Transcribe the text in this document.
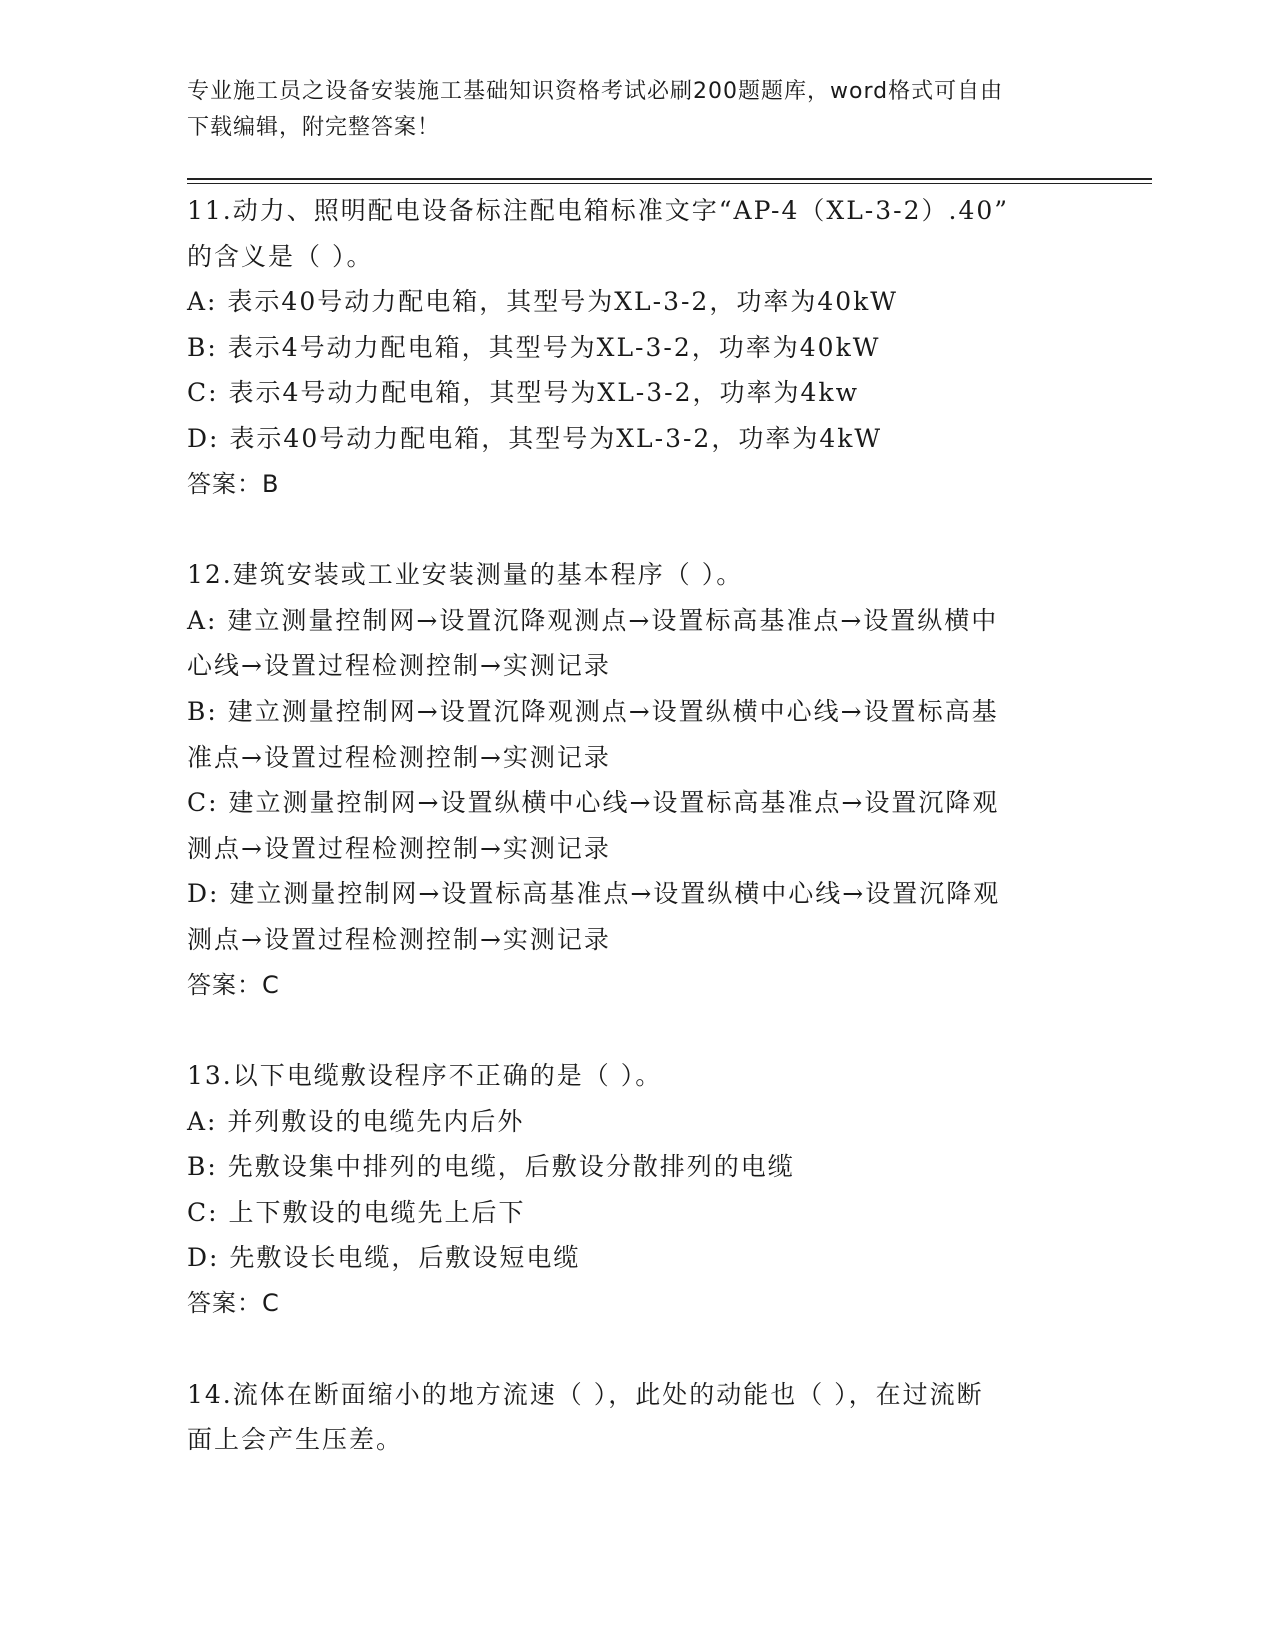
专业施工员之设备安装施工基础知识资格考试必刷200题题库，word格式可自由
下载编辑，附完整答案！
11.动力、照明配电设备标注配电箱标准文字“AP-4（XL-3-2）.40”
的含义是（ ）。
A: 表示40号动力配电箱，其型号为XL-3-2，功率为40kW
B: 表示4号动力配电箱，其型号为XL-3-2，功率为40kW
C: 表示4号动力配电箱，其型号为XL-3-2，功率为4kw
D: 表示40号动力配电箱，其型号为XL-3-2，功率为4kW
答案：B
12.建筑安装或工业安装测量的基本程序（ ）。
A: 建立测量控制网→设置沉降观测点→设置标高基准点→设置纵横中
心线→设置过程检测控制→实测记录
B: 建立测量控制网→设置沉降观测点→设置纵横中心线→设置标高基
准点→设置过程检测控制→实测记录
C: 建立测量控制网→设置纵横中心线→设置标高基准点→设置沉降观
测点→设置过程检测控制→实测记录
D: 建立测量控制网→设置标高基准点→设置纵横中心线→设置沉降观
测点→设置过程检测控制→实测记录
答案：C
13.以下电缆敷设程序不正确的是（ ）。
A: 并列敷设的电缆先内后外
B: 先敷设集中排列的电缆，后敷设分散排列的电缆
C: 上下敷设的电缆先上后下
D: 先敷设长电缆，后敷设短电缆
答案：C
14.流体在断面缩小的地方流速（ ），此处的动能也（ ），在过流断
面上会产生压差。
